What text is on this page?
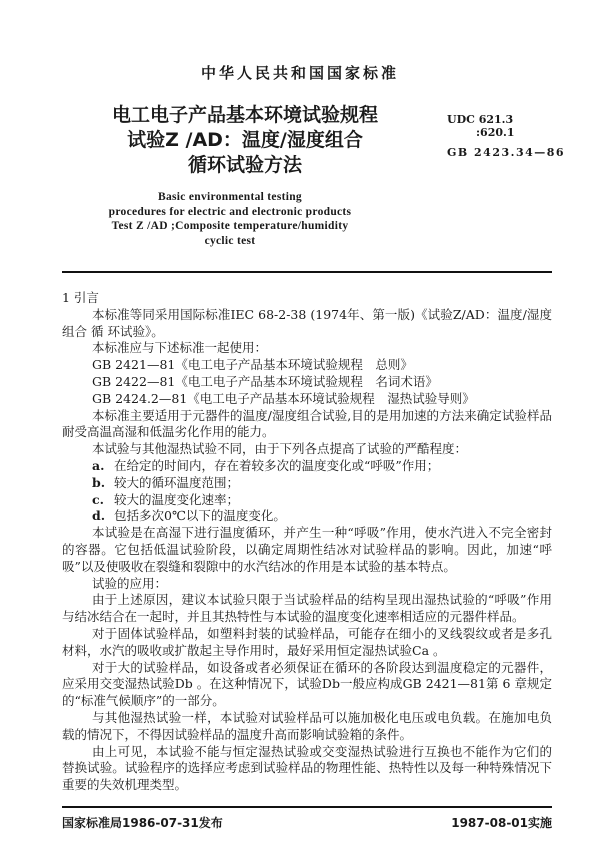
中华人民共和国国家标准
电工电子产品基本环境试验规程
试验Z /AD：温度/湿度组合
循环试验方法
UDC 621.3
:620.1
GB 2423.34—86
Basic environmental testing
procedures for electric and electronic products
Test Z /AD ;Composite temperature/humidity
cyclic test

1 引言

本标准等同采用国际标准IEC 68-2-38 (1974年、第一版)《试验Z/AD：温度/湿度组合 循 环试验》。

本标准应与下述标准一起使用：

GB 2421—81《电工电子产品基本环境试验规程　总则》

GB 2422—81《电工电子产品基本环境试验规程　名词术语》

GB 2424.2—81《电工电子产品基本环境试验规程　湿热试验导则》

本标准主要适用于元器件的温度/湿度组合试验,目的是用加速的方法来确定试验样品耐受高温高湿和低温劣化作用的能力。

本试验与其他湿热试验不同，由于下列各点提高了试验的严酷程度：

a. 在给定的时间内，存在着较多次的温度变化或“呼吸”作用；

b. 较大的循环温度范围；

c. 较大的温度变化速率；

d. 包括多次0℃以下的温度变化。

本试验是在高湿下进行温度循环，并产生一种“呼吸”作用，使水汽进入不完全密封的容器。它包括低温试验阶段，以确定周期性结冰对试验样品的影响。因此，加速“呼吸”以及使吸收在裂缝和裂隙中的水汽结冰的作用是本试验的基本特点。

试验的应用：

由于上述原因，建议本试验只限于当试验样品的结构呈现出湿热试验的“呼吸”作用与结冰结合在一起时，并且其热特性与本试验的温度变化速率相适应的元器件样品。

对于固体试验样品，如塑料封装的试验样品，可能存在细小的叉线裂纹或者是多孔材料，水汽的吸收或扩散起主导作用时，最好采用恒定湿热试验Ca 。

对于大的试验样品，如设备或者必须保证在循环的各阶段达到温度稳定的元器件，应采用交变湿热试验Db 。在这种情况下，试验Db一般应构成GB 2421—81第 6 章规定的“标准气候顺序”的一部分。

与其他湿热试验一样，本试验对试验样品可以施加极化电压或电负载。在施加电负载的情况下，不得因试验样品的温度升高而影响试验箱的条件。

由上可见，本试验不能与恒定湿热试验或交变湿热试验进行互换也不能作为它们的替换试验。试验程序的选择应考虑到试验样品的物理性能、热特性以及每一种特殊情况下重要的失效机理类型。

国家标准局1986-07-31发布	1987-08-01实施
